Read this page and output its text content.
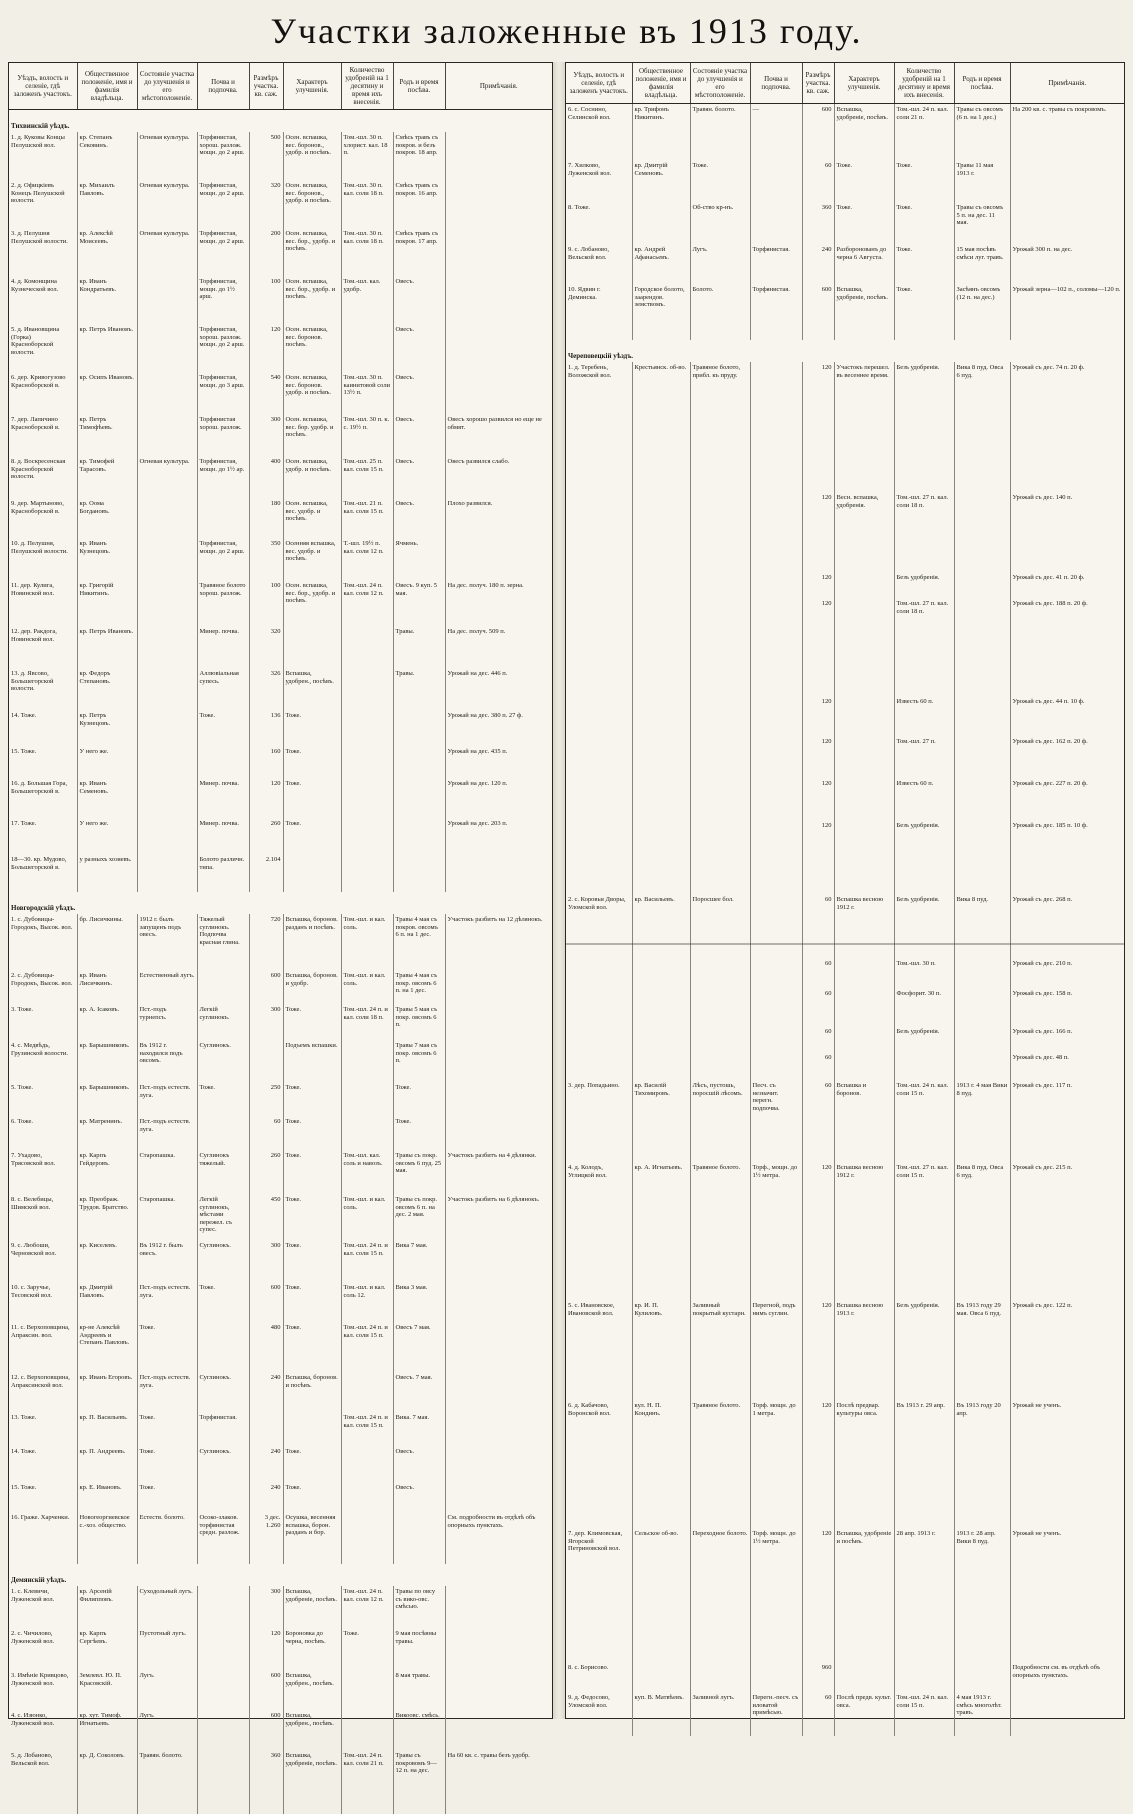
Участки заложенные въ 1913 году.
Уѣздъ, волость и селеніе, гдѣ заложенъ участокъ.	Общественное положеніе, имя и фамилія владѣльца.	Состояніе участка до улучшенія и его мѣстоположеніе.	Почва и подпочва.	Размѣръ участка. кв. саж.	Характеръ улучшенія.	Количество удобреній на 1 десятину и время ихъ внесенія.	Родъ и время посѣва.	Примѣчанія.
Тихвинскій уѣздъ.								
1. д. Куковы Концы Пелушской вол.	кр. Степанъ Сековинъ.	Огневая культура.	Торфянистая, хорош. разлож. мощн. до 2 арш.	500	Осен. вспашка, вес. боронов., удобр. и посѣвъ.	Том.-шл. 30 п. хлорист. кал. 18 п.	Смѣсь травъ съ покров. и безъ покров. 18 апр.	
2. д. Офицкіевъ Конецъ Пелушской волости.	кр. Михаилъ Павловъ.	Огневая культура.	Торфянистая, мощн. до 2 арш.	320	Осен. вспашка, вес. боронов., удобр. и посѣвъ.	Том.-шл. 30 п. кал. соли 18 п.	Смѣсь травъ съ покров. 16 апр.	
3. д. Пелушня Пелушской волости.	кр. Алексѣй Моисеевъ.	Огневая культура.	Торфянистая, мощн. до 2 арш.	200	Осен. вспашка, вес. бор., удобр. и посѣвъ.	Том.-шл. 30 п. кал. соли 18 п.	Смѣсь травъ съ покров. 17 апр.	
4. д. Комонщина Кузнеческой вол.	кр. Иванъ Кондратьевъ.		Торфянистая, мощн. до 1½ арш.	100	Осен. вспашка, вес. бор., удобр. и посѣвъ.	Том.-шл. кал. удобр.	Овесъ.	
5. д. Ивановщина (Горка) Красноборской волости.	кр. Петръ Ивановъ.		Торфянистая, хорош. разлож. мощн. до 2 арш.	120	Осен. вспашка, вес. боронов. посѣвъ.		Овесъ.	
6. дер. Кривогузово Красноборской в.	кр. Осипъ Ивановъ.		Торфянистая, мощн. до 3 арш.	540	Осен. вспашка, вес. боронов. удобр. и посѣвъ.	Том.-шл. 30 п. каинитовой соли 13½ п.	Овесъ.	
7. дер. Лапичино Красноборской в.	кр. Петръ Тимофѣевъ.		Торфянистая хорош. разлож.	300	Осен. вспашка, вес. бор. удобр. и посѣвъ.	Том.-шл. 30 п. к. с. 19½ п.	Овесъ.	Овесъ хорошо развился но еще не обмят.
8. д. Воскресенская Красноборской волости.	кр. Тимофей Тарасовъ.	Огневая культура.	Торфянистая, мощн. до 1½ ар.	400	Осен. вспашка, удобр. и посѣвъ.	Том.-шл. 25 п. кал. соли 15 п.	Овесъ.	Овесъ развился слабо.
9. дер. Мартыново, Красноборской в.	кр. Оома Богдановъ.			180	Осен. вспашка, вес. удобр. и посѣвъ.	Том.-шл. 21 п. кал. соли 15 п.	Овесъ.	Плохо развился.
10. д. Пелушня, Пелушской волости.	кр. Иванъ Кузнецовъ.		Торфянистая, мощн. до 2 арш.	350	Осенняя вспашка, вес. удобр. и посѣвъ.	Т.-шл. 19½ п. кал. соли 12 п.	Ячмень.	
11. дер. Кулига, Новинской вол.	кр. Григорій Никитинъ.		Травяное болото хорош. разлож.	100	Осен. вспашка, вес. бор., удобр. и посѣвъ.	Том.-шл. 24 п. кал. соли 12 п.	Овесъ. 9 куп. 5 мая.	На дес. получ. 180 п. зерна.
12. дер. Ракдога, Новинской вол.	кр. Петръ Ивановъ.		Минер. почва.	320			Травы.	На дес. получ. 509 п.
13. д. Явсово, Большегорской волости.	кр. Федоръ Степановъ.		Аллювіальная супесь.	326	Вспашка, удобрен., посѣвъ.		Травы.	Урожай на дес. 446 п.
14. Тоже.	кр. Петръ Кузнецовъ.		Тоже.	136	Тоже.			Урожай на дес. 380 п. 27 ф.
15. Тоже.	У него же.			160	Тоже.			Урожай на дес. 435 п.
16. д. Большая Гора, Большегорской в.	кр. Иванъ Семеновъ.		Минер. почва.	120	Тоже.			Урожай на дес. 120 п.
17. Тоже.	У него же.		Минер. почва.	260	Тоже.			Урожай на дес. 203 п.
18—30. кр. Мудово, Большегорской в.	у разныхъ хозяевъ.		Болото различн. типа.	2.104				
Новгородскій уѣздъ.								
1. с. Дубовицы-Городокъ, Высок. вол.	бр. Лисичкины.	1912 г. былъ запущенъ подъ овесъ.	Тяжелый суглинокъ. Подпочва красная глина.	720	Вспашка, боронов. разданъ и посѣвъ.	Том.-шл. и кал. соль.	Травы 4 мая съ покров. овсомъ 6 п. на 1 дес.	Участокъ разбитъ на 12 дѣлянокъ.
2. с. Дубовицы-Городокъ, Высок. вол.	кр. Иванъ Лисичкинъ.	Естественный лугъ.		600	Вспашка, боронов. и удобр.	Том.-шл. и кал. соль.	Травы 4 мая съ покр. овсомъ 6 п. на 1 дес.	
3. Тоже.	кр. А. Ісаковъ.	Пст.-подъ турнепсъ.	Легкій суглинокъ.	300	Тоже.	Том.-шл. 24 п. и кал. соли 18 п.	Травы 5 мая съ покр. овсомъ 6 п.	
4. с. Медвѣдь, Грузинской волости.	кр. Барышниковъ.	Въ 1912 г. находился подъ овсомъ.	Суглинокъ.		Подъемъ вспашки.		Травы 7 мая съ покр. овсомъ 6 п.	
5. Тоже.	кр. Барышниковъ.	Пст.-подъ естеств. луга.	Тоже.	250	Тоже.		Тоже.	
6. Тоже.	кр. Матренинъ.	Пст.-подъ естеств. луга.		60	Тоже.		Тоже.	
7. Ухадово, Трясовской вол.	кр. Карпъ Гейдеровъ.	Старопашка.	Суглинокъ тяжелый.	260	Тоже.	Том.-шл. кал. соль и навозъ.	Травы съ покр. овсомъ 6 пуд. 25 мая.	Участокъ разбитъ на 4 дѣлянки.
8. с. Велебицы, Шимской вол.	кр. Преображ. Трудов. Братство.	Старопашка.	Легкій суглинокъ, мѣстами пережел. съ супес.	450	Тоже.	Том.-шл. и кал. соль.	Травы съ покр. овсомъ 6 п. на дес. 2 мая.	Участокъ разбитъ на 6 дѣлянокъ.
9. с. Любоши, Черновской вол.	кр. Киселевъ.	Въ 1912 г. былъ овесъ.	Суглинокъ.	300	Тоже.	Том.-шл. 24 п. и кал. соли 15 п.	Вика 7 мая.	
10. с. Заручье, Тесовской вол.	кр. Дмитрій Павловъ.	Пст.-подъ естеств. луга.	Тоже.	600	Тоже.	Том.-шл. и кал. соль 12.	Вика 3 мая.	
11. с. Верхоповщина, Апраксин. вол.	кр-не Алексѣй Андреевъ и Степанъ Павловъ.	Тоже.		480	Тоже.	Том.-шл. 24 п. и кал. соли 15 п.	Овесъ 7 мая.	
12. с. Верхоповщина, Апраксинской вол.	кр. Иванъ Егоровъ.	Пст.-подъ естеств. луга.	Суглинокъ.	240	Вспашка, боронов. и посѣвъ.		Овесъ. 7 мая.	
13. Тоже.	кр. П. Васильевъ.	Тоже.	Торфянистая.			Том.-шл. 24 п. и кал. соли 15 п.	Вика. 7 мая.	
14. Тоже.	кр. П. Андреевъ.	Тоже.	Суглинокъ.	240	Тоже.		Овесъ.	
15. Тоже.	кр. Е. Ивановъ.	Тоже.		240	Тоже.		Овесъ.	
16. Граже. Харченки.	Новогеоргиевское с.-хоз. общество.	Естеств. болото.	Осоко-злаков. торфянистая средн. разлож.	3 дес. 1.260	Осушка, весенняя вспашка, борон. разданъ и бор.			См. подробности въ отдѣлѣ объ опорныхъ пунктахъ.
Демянскій уѣздъ.								
1. с. Клевичи, Луженской вол.	кр. Арсеній Филипповъ.	Суходольный лугъ.		300	Вспашка, удобреніе, посѣвъ.	Том.-шл. 24 п. кал. соли 12 п.	Травы по овсу съ вико-овс. смѣсью.	
2. с. Чичилово, Луженской вол.	кр. Карпъ Сергѣевъ.	Пустотный лугъ.		120	Бороновка до черна, посѣвъ.	Тоже.	9 мая посѣвны травы.	
3. Имѣніе Кривцово, Луженской вол.	Землевл. Ю. П. Красовскій.	Лугъ.		600	Вспашка, удобрен., посѣвъ.		8 мая травы.	
4. с. Изюнко, Луженской вол.	кр. хут. Тимоф. Игнатьевъ.	Лугъ.		600	Вспашка, удобрен., посѣвъ.		Викоовс. смѣсь.	
5. д. Лобаново, Вельской вол.	кр. Д. Соколовъ.	Травян. болото.		360	Вспашка, удобреніе, посѣвъ.	Том.-шл. 24 п. кал. соли 21 п.	Травы съ покровомъ 9—12 п. на дес.	На 60 кв. с. травы безъ удобр.
Уѣздъ, волость и селеніе, гдѣ заложенъ участокъ.	Общественное положеніе, имя и фамилія владѣльца.	Состояніе участка до улучшенія и его мѣстоположеніе.	Почва и подпочва.	Размѣръ участка. кв. саж.	Характеръ улучшенія.	Количество удобреній на 1 десятину и время ихъ внесенія.	Родъ и время посѣва.	Примѣчанія.
6. с. Соснино, Селинской вол.	кр. Трифонъ Никитинъ.	Травян. болото.	—	600	Вспашка, удобреніе, посѣвъ.	Том.-шл. 24 п. кал. соли 21 п.	Травы съ овсомъ (6 п. на 1 дес.)	На 200 кв. с. травы съ покровомъ.
7. Хилково, Луженской вол.	кр. Дмитрій Семеновъ.	Тоже.		60	Тоже.	Тоже.	Травы 11 мая 1913 г.	
8. Тоже.		Об-ство кр-нъ.		360	Тоже.	Тоже.	Травы съ овсомъ 5 п. на дес. 11 мая.	
9. с. Лобаново, Вельской вол.	кр. Андрей Афанасьевъ.	Лугъ.	Торфянистая.	240	Разборонованъ до черна 6 Августа.	Тоже.	15 мая посѣвъ смѣси луг. травъ.	Урожай 300 п. на дес.
10. Ядвин г. Деминска.	Городское болото, заарендов. земствомъ.	Болото.	Торфянистая.	600	Вспашка, удобреніе, посѣвъ.	Тоже.	Засѣянъ овсомъ (12 п. на дес.)	Урожай зерна—102 п., соломы—120 п.
Череповецкій уѣздъ.								
1. д. Теребень, Воложской вол.	Крестьянск. об-во.	Травяное болото, прибл. къ пруду.		120	Участокъ перешел. въ весеннее время.	Безъ удобренія.	Вика 8 пуд. Овса 6 пуд.	Урожай съ дес. 74 п. 20 ф.
				120	Весн. вспашка, удобренія.	Том.-шл. 27 п. кал. соли 18 п.		Урожай съ дес. 140 п.
				120		Безъ удобренія.		Урожай съ дес. 41 п. 20 ф.
				120		Том.-шл. 27 п. кал. соли 18 п.		Урожай съ дес. 188 п. 20 ф.
				120		Известь 60 п.		Урожай съ дес. 44 п. 10 ф.
				120		Том.-шл. 27 п.		Урожай съ дес. 162 п. 20 ф.
				120		Известь 60 п.		Урожай съ дес. 227 п. 20 ф.
				120		Безъ удобренія.		Урожай съ дес. 185 п. 10 ф.
2. с. Коровьи Дворы, Уломской вол.	кр. Васильевъ.	Поросшее бол.		60	Вспашка весною 1912 г.	Безъ удобренія.	Вика 8 пуд.	Урожай съ дес. 268 п.
				60		Том.-шл. 30 п.		Урожай съ дес. 210 п.
				60		Фосфорит. 30 п.		Урожай съ дес. 158 п.
				60		Безъ удобренія.		Урожай съ дес. 166 п.
				60				Урожай съ дес. 48 п.
3. дер. Попадьино.	кр. Василій Тихомировъ.	Лѣсъ, пустошь, поросшій лѣсомъ.	Песч. съ незначит. перегн. подпочва.	60	Вспашка и боронов.	Том.-шл. 24 п. кал. соли 15 п.	1913 г. 4 мая Вики 8 пуд.	Урожай съ дес. 117 п.
4. д. Колодъ, Углицкой вол.	кр. А. Игнатьевъ.	Травяное болото.	Торф., мощн. до 1½ метра.	120	Вспашка весною 1912 г.	Том.-шл. 27 п. кал. соли 15 п.	Вика 8 пуд. Овса 6 пуд.	Урожай съ дес. 215 п.
5. с. Ивановское, Ивановской вол.	кр. И. П. Кулиловъ.	Заливный покрытый кустарн.	Перегной, подъ нимъ суглин.	120	Вспашка весною 1913 г.	Безъ удобренія.	Въ 1913 году 29 мая. Овса 6 пуд.	Урожай съ дес. 122 п.
6. д. Кабачово, Воронской вол.	кул. Н. П. Кондинъ.	Травяное болото.	Торф. мощн. до 1 метра.	120	Послѣ предвар. культуры овса.	Въ 1913 г. 29 апр.	Въ 1913 году 20 апр.	Урожай не ученъ.
7. дер. Климовская, Ягорской Петриновской вол.	Сельское об-во.	Переходное болото.	Торф. мощн. до 1½ метра.	120	Вспашка, удобреніе и посѣвъ.	28 апр. 1913 г.	1913 г. 28 апр. Вики 8 пуд.	Урожай не ученъ.
8. с. Борисово.				960				Подробности см. въ отдѣлѣ объ опорныхъ пунктахъ.
9. д. Федосово, Уломской вол.	куп. В. Матвѣевъ.	Заливной лугъ.	Перегн.-песч. съ иловатой примѣсью.	60	Послѣ предв. культ. овса.	Том.-шл. 24 п. кал. соли 15 п.	4 мая 1913 г. смѣсь многолѣт. травъ.	
